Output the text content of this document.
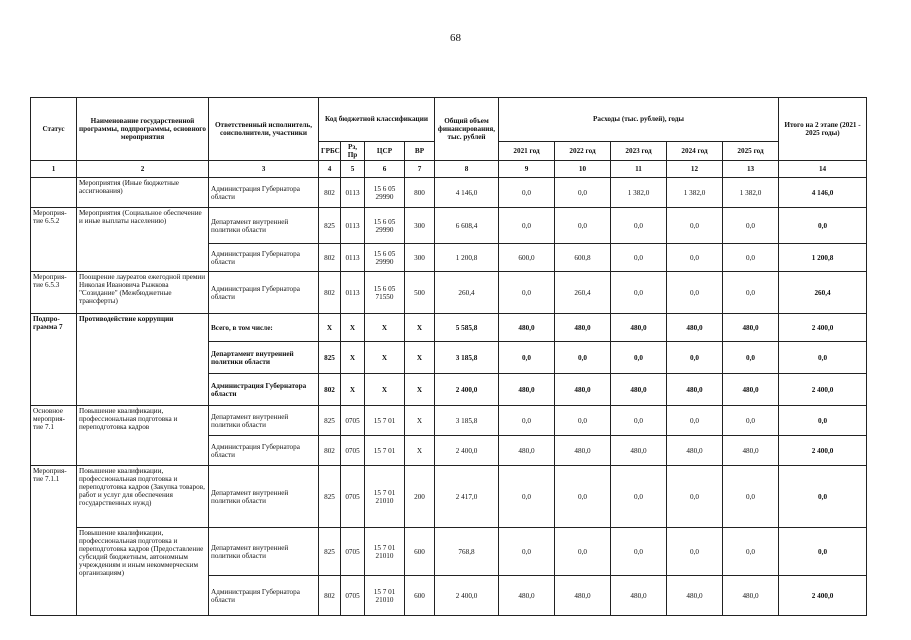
68
Статус	Наименование государственной программы, подпрограммы, основного мероприятия	Ответственный исполнитель, соисполнители, участники	Код бюджетной классификации				Общий объем финансирования, тыс. рублей	Расходы (тыс. рублей), годы					Итого на 2 этапе (2021 - 2025 годы)
			ГРБС	Рз, Пр	ЦСР	ВР		2021 год	2022 год	2023 год	2024 год	2025 год	
1	2	3	4	5	6	7	8	9	10	11	12	13	14
	Мероприятия (Иные бюджетные ассигнования)	Администрация Губернатора области	802	0113	15 6 05 29990	800	4 146,0	0,0	0,0	1 382,0	1 382,0	1 382,0	4 146,0
Мероприя-тие 6.5.2	Мероприятия (Социальное обеспечение и иные выплаты населению)	Департамент внутренней политики области	825	0113	15 6 05 29990	300	6 608,4	0,0	0,0	0,0	0,0	0,0	0,0
		Администрация Губернатора области	802	0113	15 6 05 29990	300	1 200,8	600,0	600,8	0,0	0,0	0,0	1 200,8
Мероприя-тие 6.5.3	Поощрение лауреатов ежегодной премии Николая Ивановича Рыжкова "Созидание" (Межбюджетные трансферты)	Администрация Губернатора области	802	0113	15 6 05 71550	500	260,4	0,0	260,4	0,0	0,0	0,0	260,4
Подпро-грамма 7	Противодействие коррупции	Всего, в том числе:	Х	Х	Х	Х	5 585,8	480,0	480,0	480,0	480,0	480,0	2 400,0
		Департамент внутренней политики области	825	Х	Х	Х	3 185,8	0,0	0,0	0,0	0,0	0,0	0,0
		Администрация Губернатора области	802	Х	Х	Х	2 400,0	480,0	480,0	480,0	480,0	480,0	2 400,0
Основное мероприя-тие 7.1	Повышение квалификации, профессиональная подготовка и переподготовка кадров	Департамент внутренней политики области	825	0705	15 7 01	Х	3 185,8	0,0	0,0	0,0	0,0	0,0	0,0
		Администрация Губернатора области	802	0705	15 7 01	Х	2 400,0	480,0	480,0	480,0	480,0	480,0	2 400,0
Мероприя-тие 7.1.1	Повышение квалификации, профессиональная подготовка и переподготовка кадров (Закупка товаров, работ и услуг для обеспечения государственных нужд)	Департамент внутренней политики области	825	0705	15 7 01 21010	200	2 417,0	0,0	0,0	0,0	0,0	0,0	0,0
	Повышение квалификации, профессиональная подготовка и переподготовка кадров (Предоставление субсидий бюджетным, автономным учреждениям и иным некоммерческим организациям)	Департамент внутренней политики области	825	0705	15 7 01 21010	600	768,8	0,0	0,0	0,0	0,0	0,0	0,0
		Администрация Губернатора области	802	0705	15 7 01 21010	600	2 400,0	480,0	480,0	480,0	480,0	480,0	2 400,0
